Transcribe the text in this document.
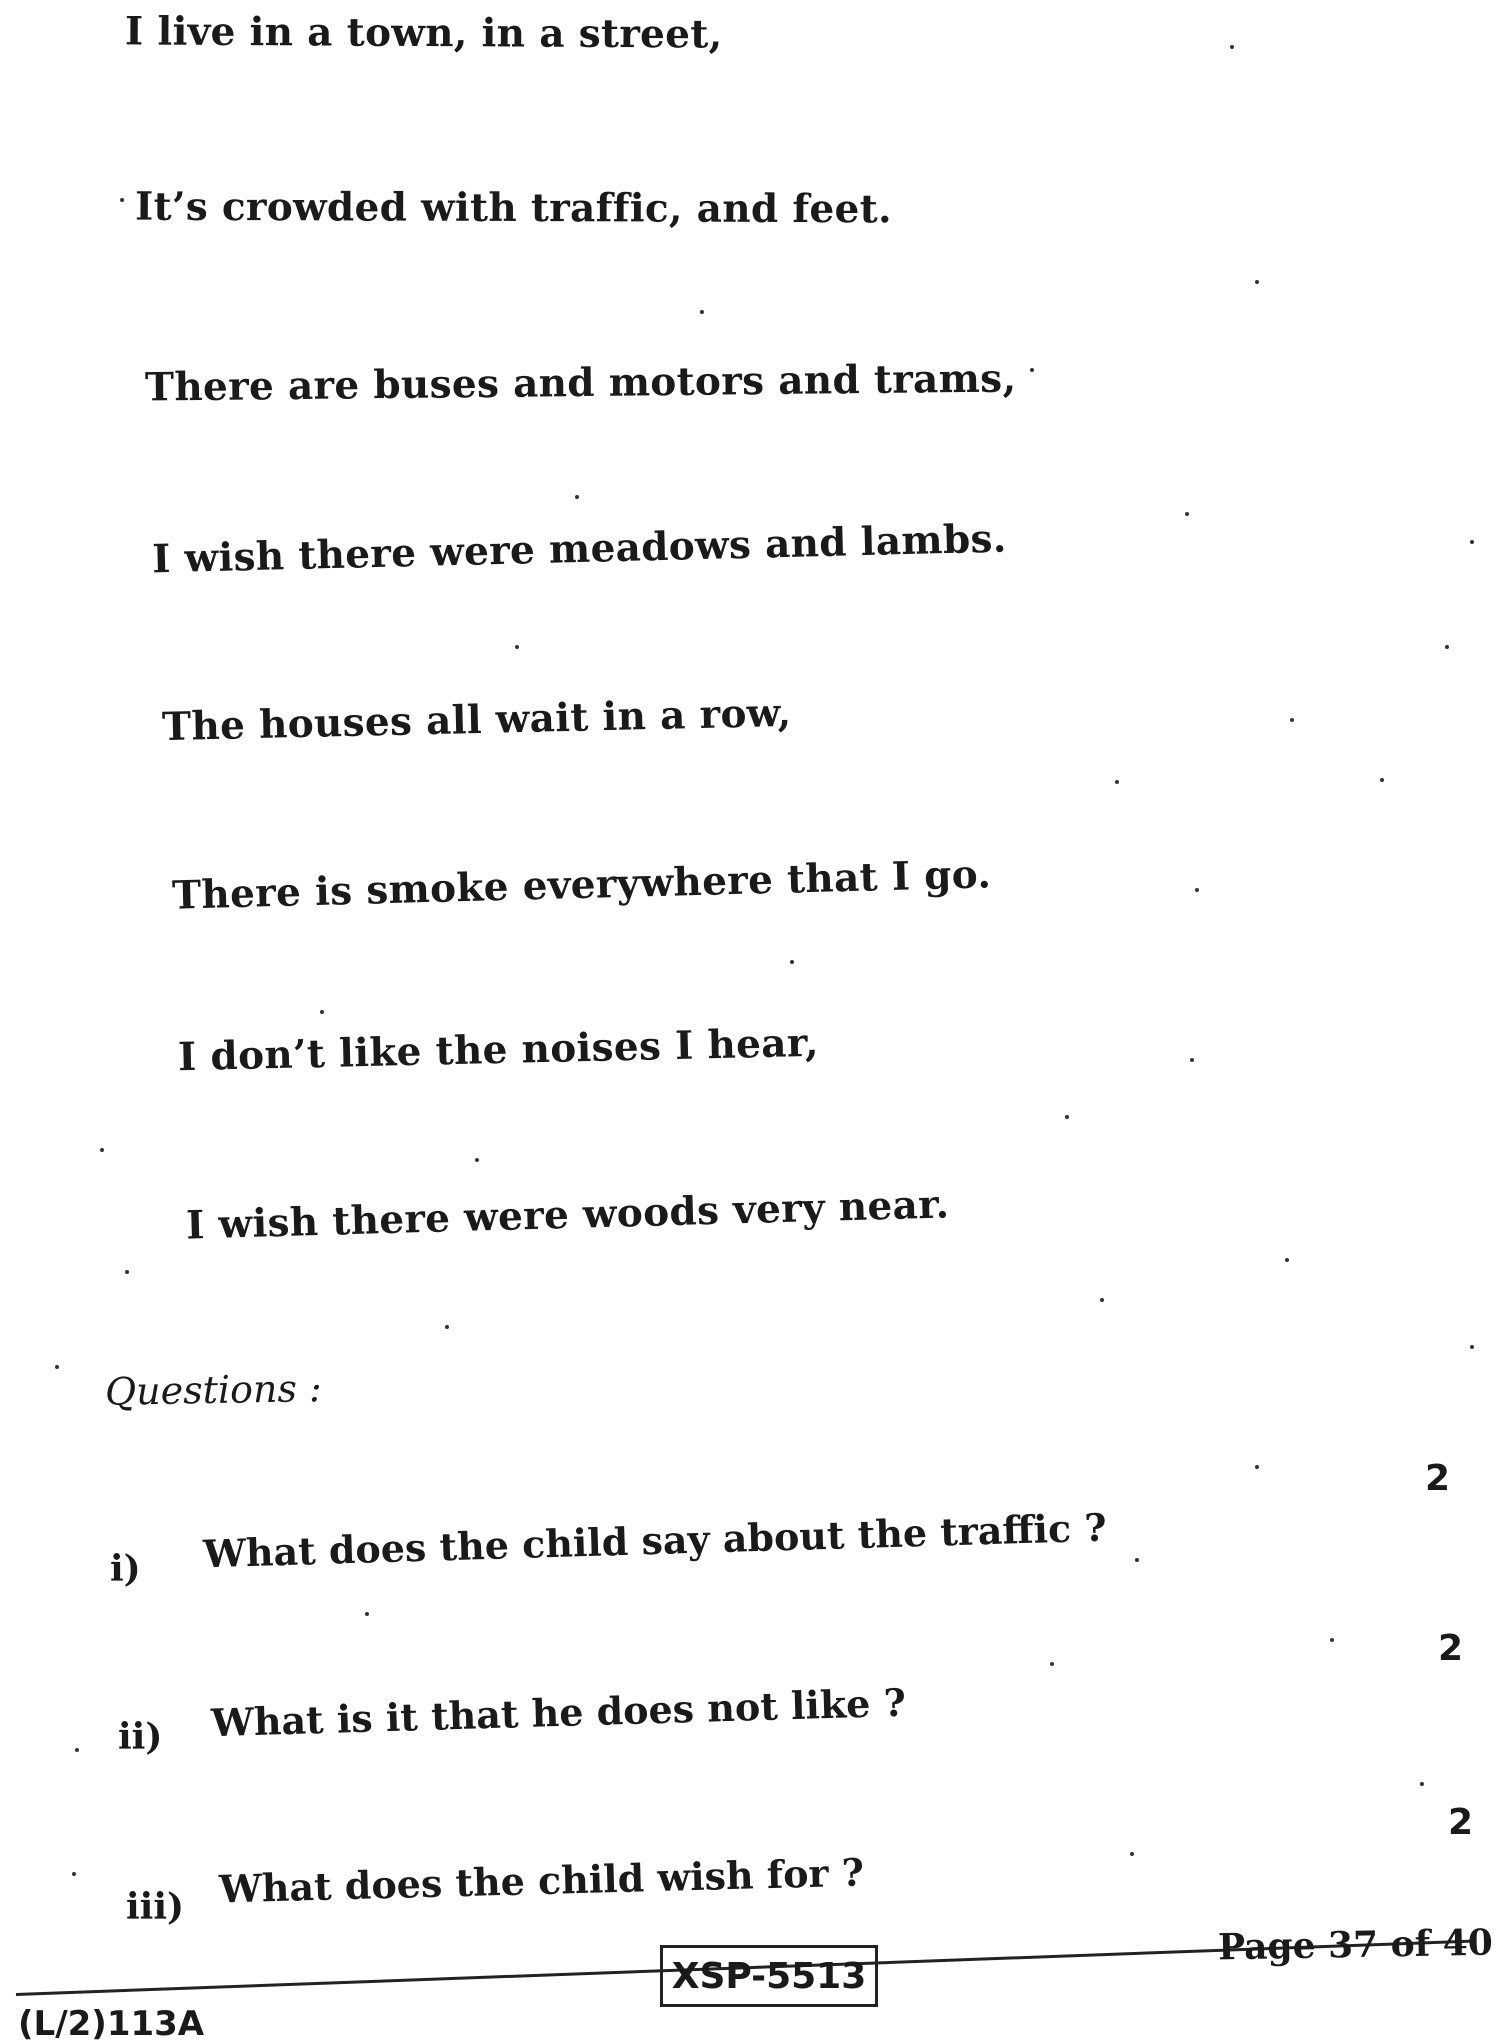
I live in a town, in a street,
It’s crowded with traffic, and feet.
There are buses and motors and trams,
I wish there were meadows and lambs.
The houses all wait in a row,
There is smoke everywhere that I go.
I don’t like the noises I hear,
I wish there were woods very near.
Questions :
i) What does the child say about the traffic ?
2
ii) What is it that he does not like ?
2
iii) What does the child wish for ?
2
XSP-5513
Page 37 of 40
(L/2)113A
